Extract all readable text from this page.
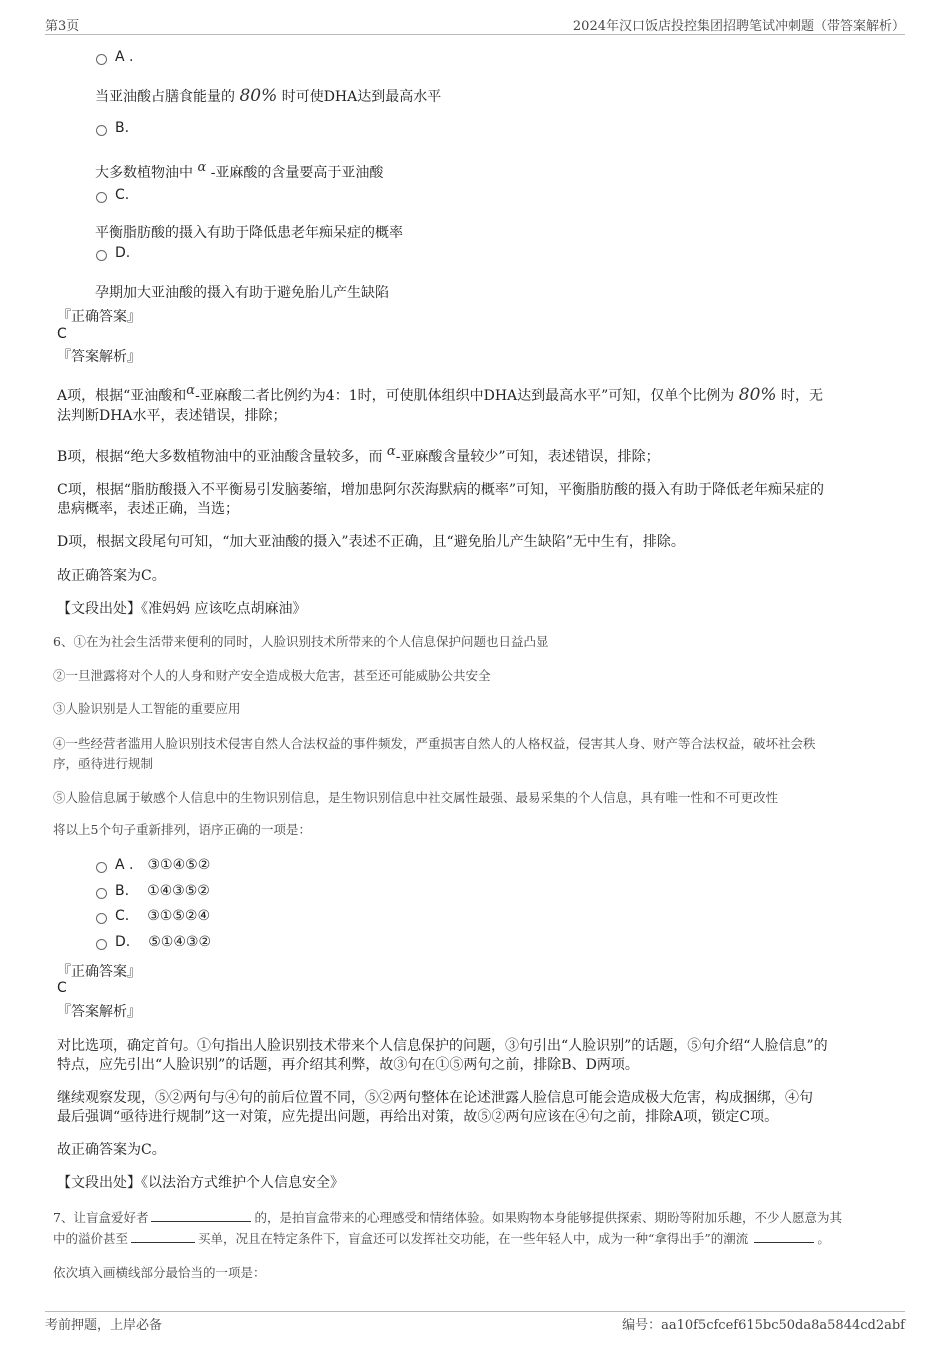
第3页	2024年汉口饭店投控集团招聘笔试冲刺题（带答案解析）
A .
当亚油酸占膳食能量的 80% 时可使DHA达到最高水平
B.
大多数植物油中 α -亚麻酸的含量要高于亚油酸
C.
平衡脂肪酸的摄入有助于降低患老年痴呆症的概率
D.
孕期加大亚油酸的摄入有助于避免胎儿产生缺陷
『正确答案』
C
『答案解析』
A项，根据“亚油酸和α-亚麻酸二者比例约为4：1时，可使肌体组织中DHA达到最高水平”可知，仅单个比例为 80% 时，无
法判断DHA水平，表述错误，排除；
B项，根据“绝大多数植物油中的亚油酸含量较多，而 α-亚麻酸含量较少”可知，表述错误，排除；
C项，根据“脂肪酸摄入不平衡易引发脑萎缩，增加患阿尔茨海默病的概率”可知，平衡脂肪酸的摄入有助于降低老年痴呆症的
患病概率，表述正确，当选；
D项，根据文段尾句可知，“加大亚油酸的摄入”表述不正确，且“避免胎儿产生缺陷”无中生有，排除。
故正确答案为C。
【文段出处】《准妈妈 应该吃点胡麻油》
6、①在为社会生活带来便利的同时，人脸识别技术所带来的个人信息保护问题也日益凸显
②一旦泄露将对个人的人身和财产安全造成极大危害，甚至还可能威胁公共安全
③人脸识别是人工智能的重要应用
④一些经营者滥用人脸识别技术侵害自然人合法权益的事件频发，严重损害自然人的人格权益，侵害其人身、财产等合法权益，破坏社会秩
序，亟待进行规制
⑤人脸信息属于敏感个人信息中的生物识别信息，是生物识别信息中社交属性最强、最易采集的个人信息，具有唯一性和不可更改性
将以上5个句子重新排列，语序正确的一项是：
A . ③①④⑤②
B. ①④③⑤②
C. ③①⑤②④
D. ⑤①④③②
『正确答案』
C
『答案解析』
对比选项，确定首句。①句指出人脸识别技术带来个人信息保护的问题，③句引出“人脸识别”的话题，⑤句介绍“人脸信息”的
特点，应先引出“人脸识别”的话题，再介绍其利弊，故③句在①⑤两句之前，排除B、D两项。
继续观察发现，⑤②两句与④句的前后位置不同，⑤②两句整体在论述泄露人脸信息可能会造成极大危害，构成捆绑，④句
最后强调“亟待进行规制”这一对策，应先提出问题，再给出对策，故⑤②两句应该在④句之前，排除A项，锁定C项。
故正确答案为C。
【文段出处】《以法治方式维护个人信息安全》
7、让盲盒爱好者	的，是拍盲盒带来的心理感受和情绪体验。如果购物本身能够提供探索、期盼等附加乐趣，不少人愿意为其
中的溢价甚至	买单，况且在特定条件下，盲盒还可以发挥社交功能，在一些年轻人中，成为一种“拿得出手”的潮流	。
依次填入画横线部分最恰当的一项是：
考前押题，上岸必备	编号：aa10f5cfcef615bc50da8a5844cd2abf
